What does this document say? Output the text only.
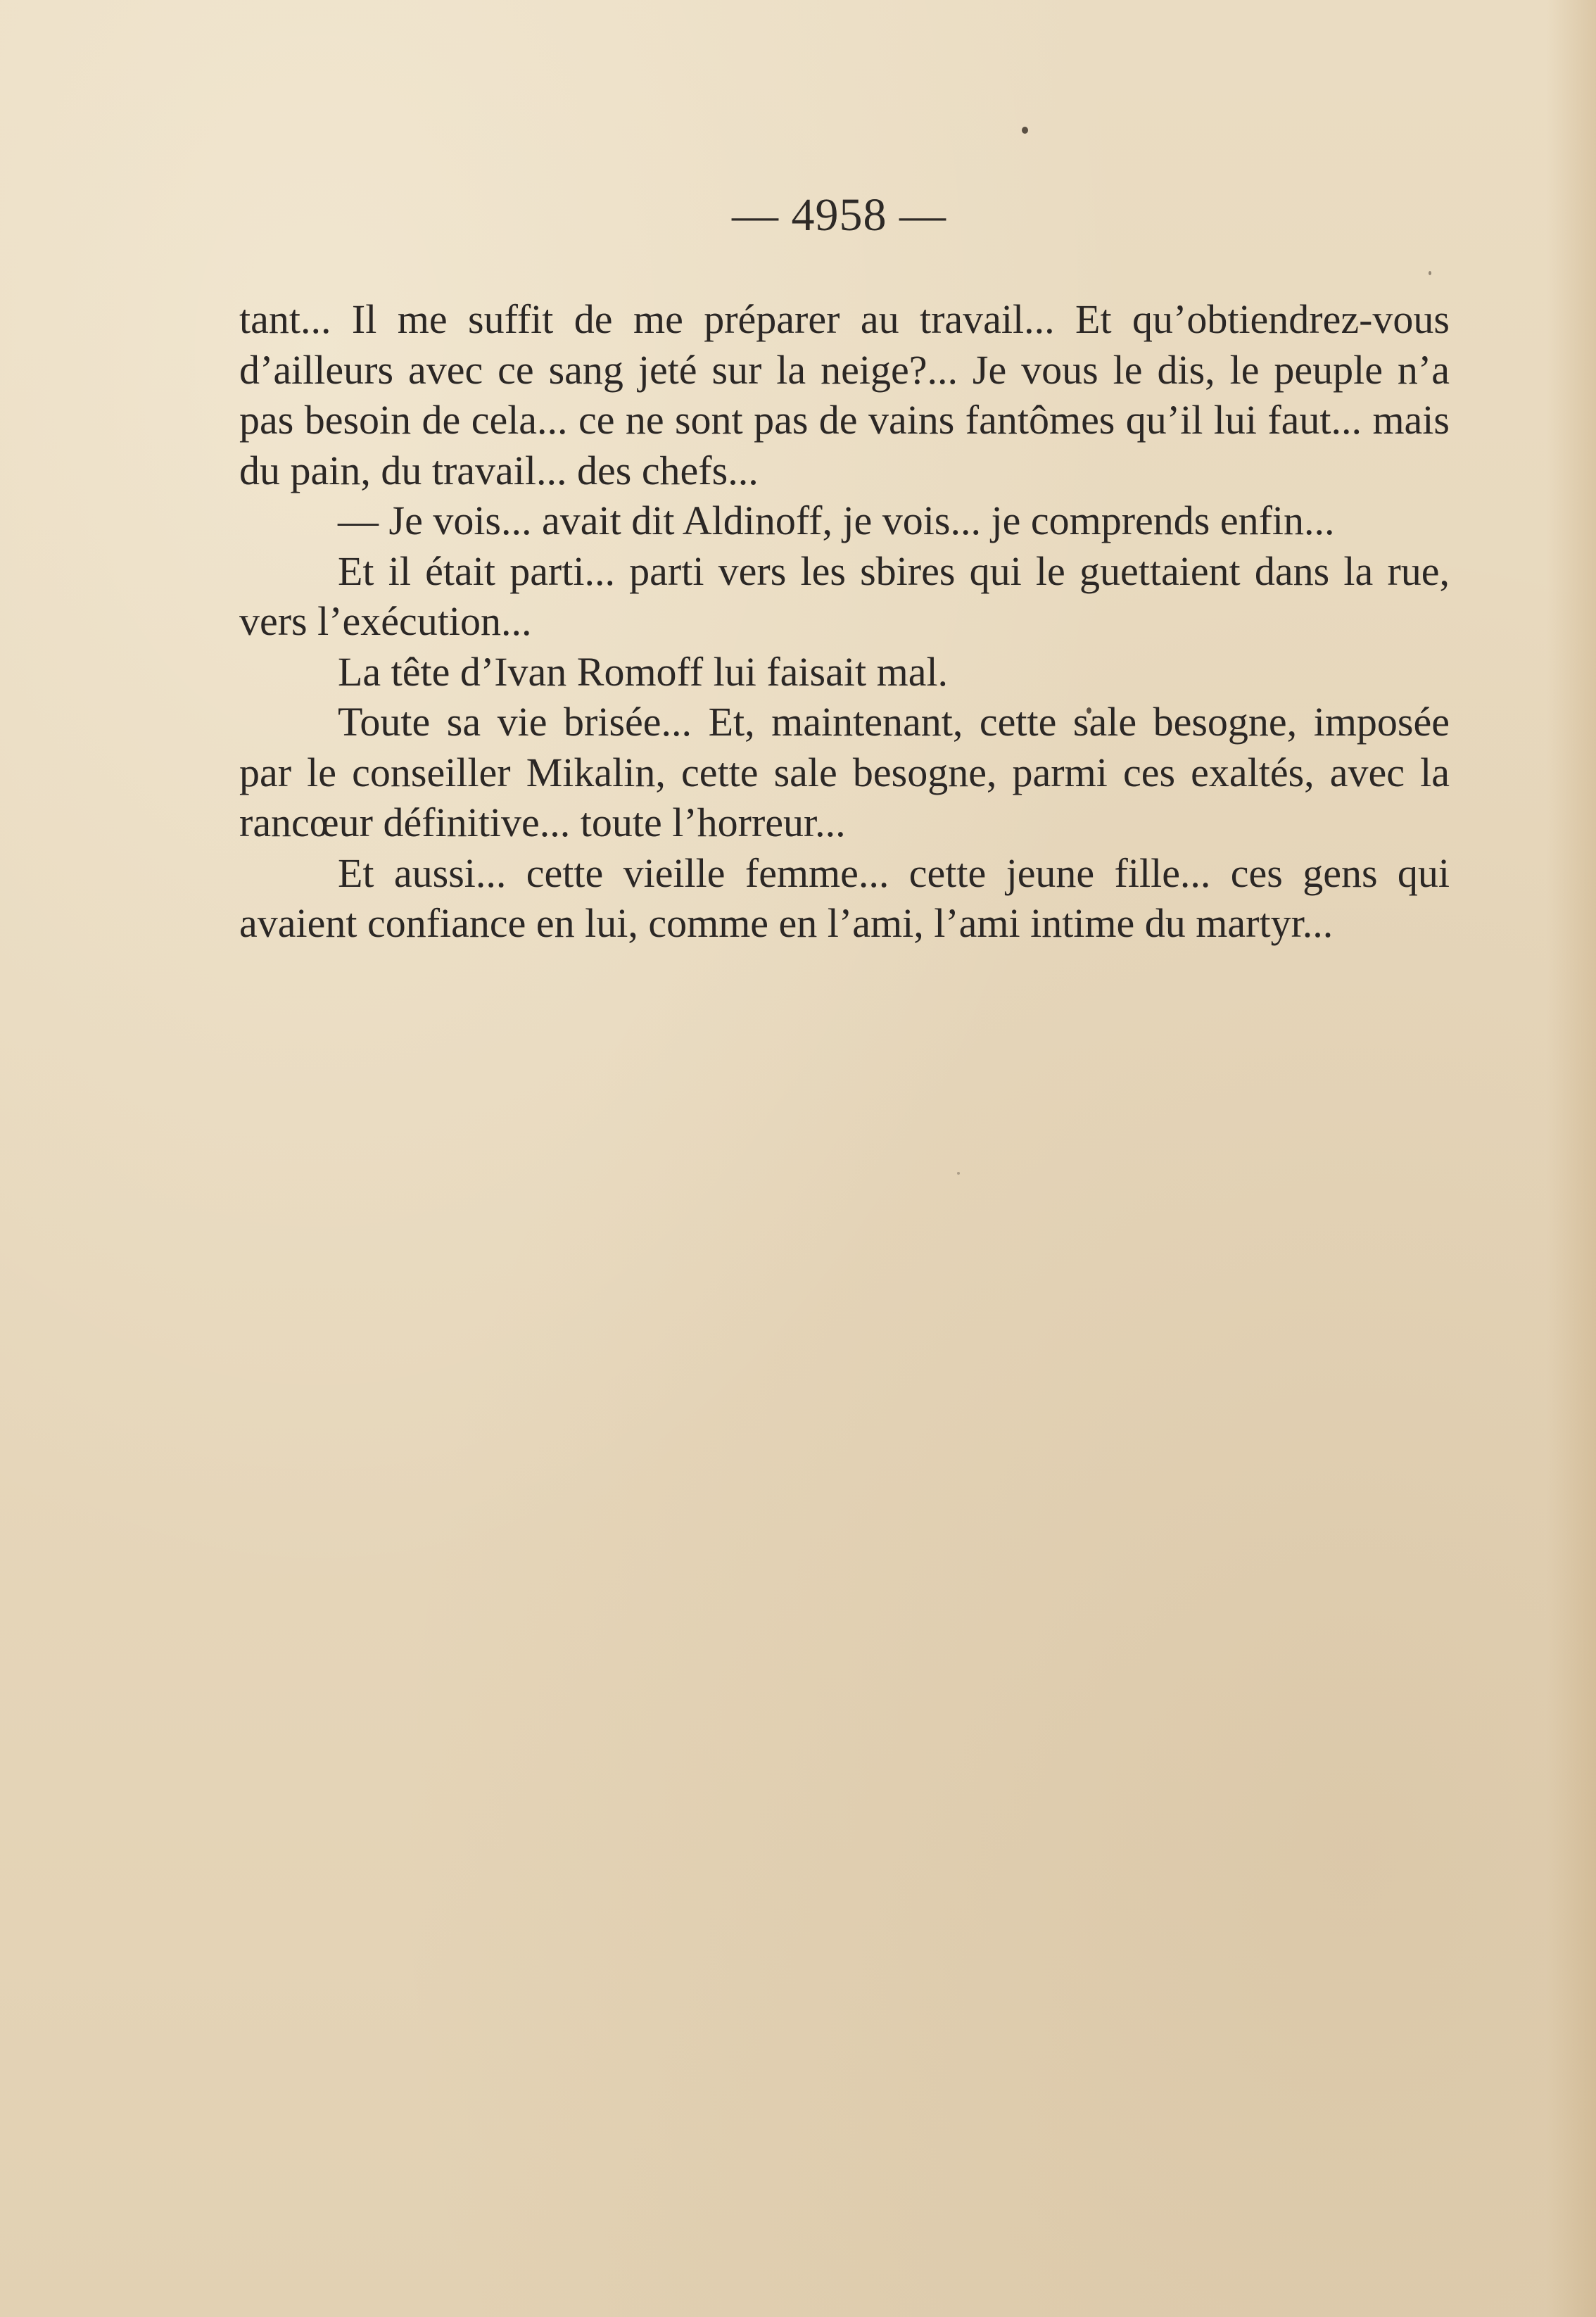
— 4958 —

tant... Il me suffit de me préparer au travail... Et qu’obtiendrez-vous d’ailleurs avec ce sang jeté sur la neige?... Je vous le dis, le peuple n’a pas besoin de cela... ce ne sont pas de vains fantômes qu’il lui faut... mais du pain, du travail... des chefs...

— Je vois... avait dit Aldinoff, je vois... je comprends enfin...

Et il était parti... parti vers les sbires qui le guettaient dans la rue, vers l’exécution...

La tête d’Ivan Romoff lui faisait mal.

Toute sa vie brisée... Et, maintenant, cette sale besogne, imposée par le conseiller Mikalin, cette sale besogne, parmi ces exaltés, avec la rancœur définitive... toute l’horreur...

Et aussi... cette vieille femme... cette jeune fille... ces gens qui avaient confiance en lui, comme en l’ami, l’ami intime du martyr...
